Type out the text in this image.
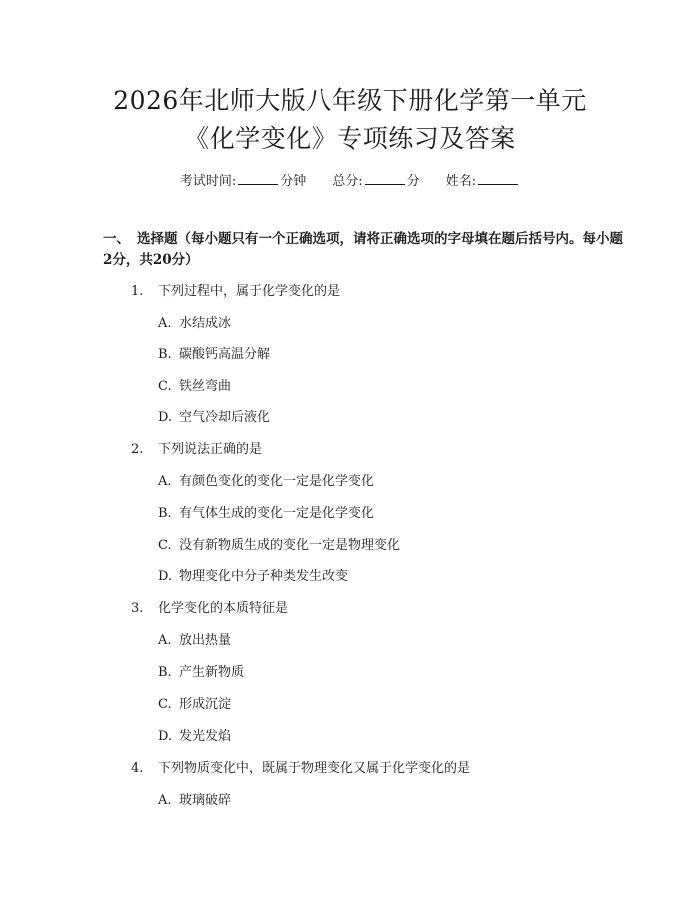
2026年北师大版八年级下册化学第一单元
《化学变化》专项练习及答案
考试时间:	分钟 总分:	分 姓名:
一、 选择题（每小题只有一个正确选项，请将正确选项的字母填在题后括号内。每小题2分，共20分）
1. 下列过程中，属于化学变化的是
A. 水结成冰
B. 碳酸钙高温分解
C. 铁丝弯曲
D. 空气冷却后液化
2. 下列说法正确的是
A. 有颜色变化的变化一定是化学变化
B. 有气体生成的变化一定是化学变化
C. 没有新物质生成的变化一定是物理变化
D. 物理变化中分子种类发生改变
3. 化学变化的本质特征是
A. 放出热量
B. 产生新物质
C. 形成沉淀
D. 发光发焰
4. 下列物质变化中，既属于物理变化又属于化学变化的是
A. 玻璃破碎
